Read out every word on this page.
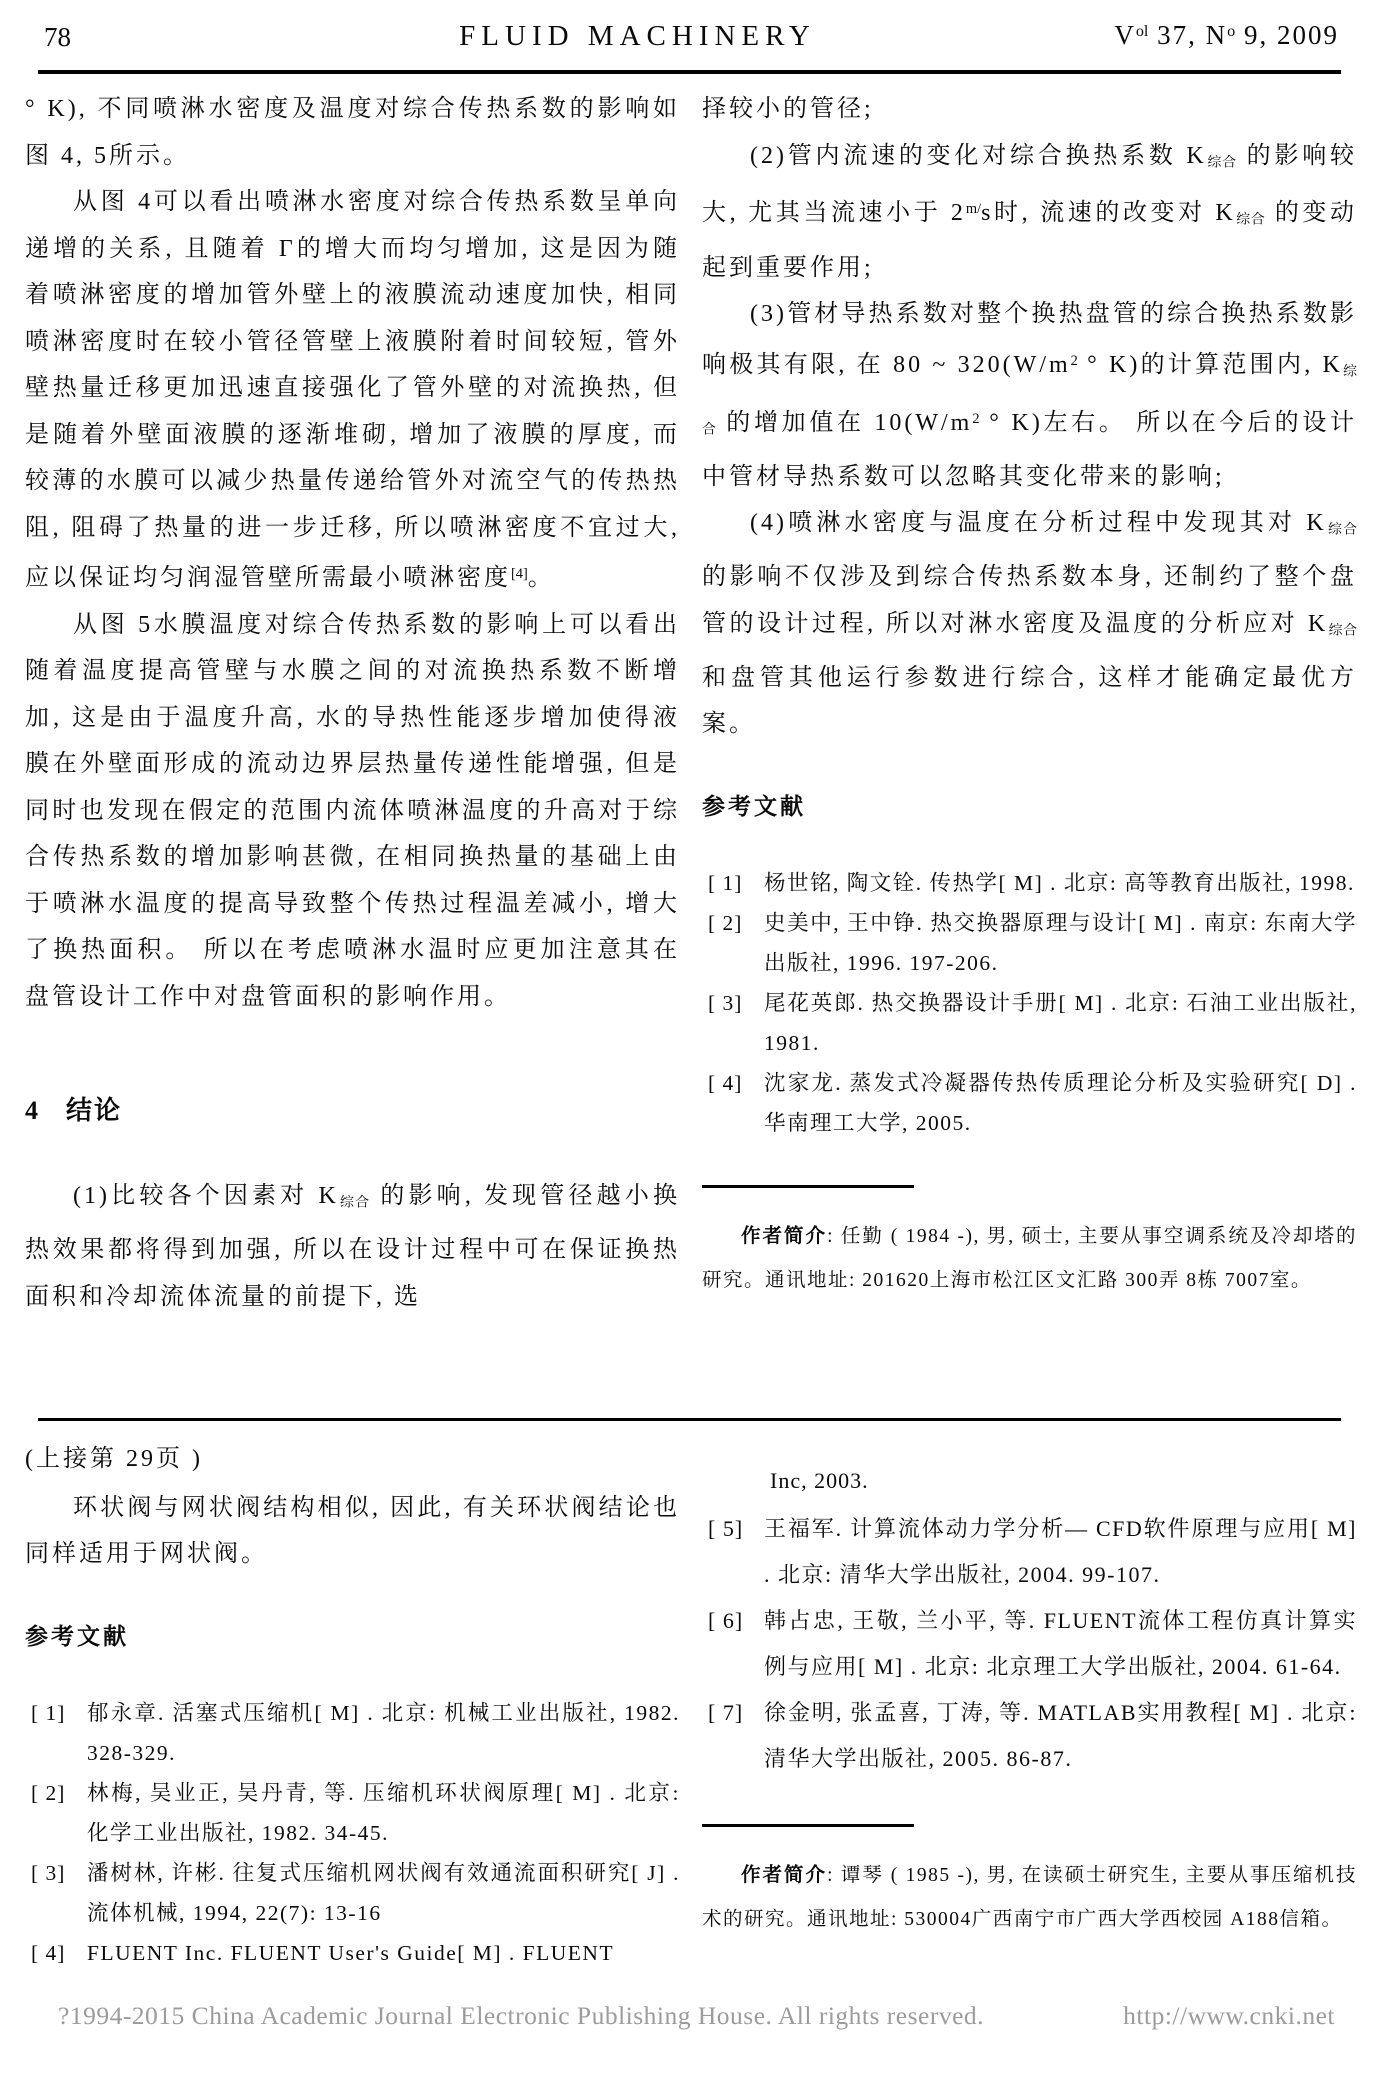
78	FLUID MACHINERY	$V^{ol}$ 37, $N^o$ 9, 2009

° K), 不同喷淋水密度及温度对综合传热系数的影响如图 4, 5所示。

从图 4可以看出喷淋水密度对综合传热系数呈单向递增的关系, 且随着 Γ的增大而均匀增加, 这是因为随着喷淋密度的增加管外壁上的液膜流动速度加快, 相同喷淋密度时在较小管径管壁上液膜附着时间较短, 管外壁热量迁移更加迅速直接强化了管外壁的对流换热, 但是随着外壁面液膜的逐渐堆砌, 增加了液膜的厚度, 而较薄的水膜可以减少热量传递给管外对流空气的传热热阻, 阻碍了热量的进一步迁移, 所以喷淋密度不宜过大, 应以保证均匀润湿管壁所需最小喷淋密度[4]。

从图 5水膜温度对综合传热系数的影响上可以看出随着温度提高管壁与水膜之间的对流换热系数不断增加, 这是由于温度升高, 水的导热性能逐步增加使得液膜在外壁面形成的流动边界层热量传递性能增强, 但是同时也发现在假定的范围内流体喷淋温度的升高对于综合传热系数的增加影响甚微, 在相同换热量的基础上由于喷淋水温度的提高导致整个传热过程温差减小, 增大了换热面积。 所以在考虑喷淋水温时应更加注意其在盘管设计工作中对盘管面积的影响作用。

4 结论

(1)比较各个因素对 $K_{综合}$ 的影响, 发现管径越小换热效果都将得到加强, 所以在设计过程中可在保证换热面积和冷却流体流量的前提下, 选

择较小的管径;

(2)管内流速的变化对综合换热系数 $K_{综合}$ 的影响较大, 尤其当流速小于 $2^{m/}s$时, 流速的改变对 $K_{综合}$ 的变动起到重要作用;

(3)管材导热系数对整个换热盘管的综合换热系数影响极其有限, 在 80 ~ $320(W/m^2$ ° K)的计算范围内, $K_{综合}$ 的增加值在 $10(W/m^2$ ° K)左右。 所以在今后的设计中管材导热系数可以忽略其变化带来的影响;

(4)喷淋水密度与温度在分析过程中发现其对 $K_{综合}$ 的影响不仅涉及到综合传热系数本身, 还制约了整个盘管的设计过程, 所以对淋水密度及温度的分析应对 $K_{综合}$ 和盘管其他运行参数进行综合, 这样才能确定最优方案。

参考文献
[ 1]	杨世铭, 陶文铨. 传热学[ M] . 北京: 高等教育出版社, 1998.
[ 2]	史美中, 王中铮. 热交换器原理与设计[ M] . 南京: 东南大学出版社, 1996. 197-206.
[ 3]	尾花英郎. 热交换器设计手册[ M] . 北京: 石油工业出版社, 1981.
[ 4]	沈家龙. 蒸发式冷凝器传热传质理论分析及实验研究[ D] . 华南理工大学, 2005.

作者简介: 任勤 ( 1984 -), 男, 硕士, 主要从事空调系统及冷却塔的研究。通讯地址: 201620上海市松江区文汇路 300弄 8栋 7007室。

(上接第 29页 )

环状阀与网状阀结构相似, 因此, 有关环状阀结论也同样适用于网状阀。

参考文献
[ 1]	郁永章. 活塞式压缩机[ M] . 北京: 机械工业出版社, 1982. 328-329.
[ 2]	林梅, 吴业正, 吴丹青, 等. 压缩机环状阀原理[ M] . 北京: 化学工业出版社, 1982. 34-45.
[ 3]	潘树林, 许彬. 往复式压缩机网状阀有效通流面积研究[ J] . 流体机械, 1994, 22(7): 13-16
[ 4]	FLUENT Inc. FLUENT User's Guide[ M] . FLUENT

Inc, 2003.

[ 5] 王福军. 计算流体动力学分析— CFD软件原理与应用[ M] . 北京: 清华大学出版社, 2004. 99-107.
[ 6] 韩占忠, 王敬, 兰小平, 等. FLUENT流体工程仿真计算实例与应用[ M] . 北京: 北京理工大学出版社, 2004. 61-64.
[ 7] 徐金明, 张孟喜, 丁涛, 等. MATLAB实用教程[ M] . 北京: 清华大学出版社, 2005. 86-87.

作者简介: 谭琴 ( 1985 -), 男, 在读硕士研究生, 主要从事压缩机技术的研究。通讯地址: 530004广西南宁市广西大学西校园 A188信箱。

?1994-2015 China Academic Journal Electronic Publishing House. All rights reserved.	http://www.cnki.net
